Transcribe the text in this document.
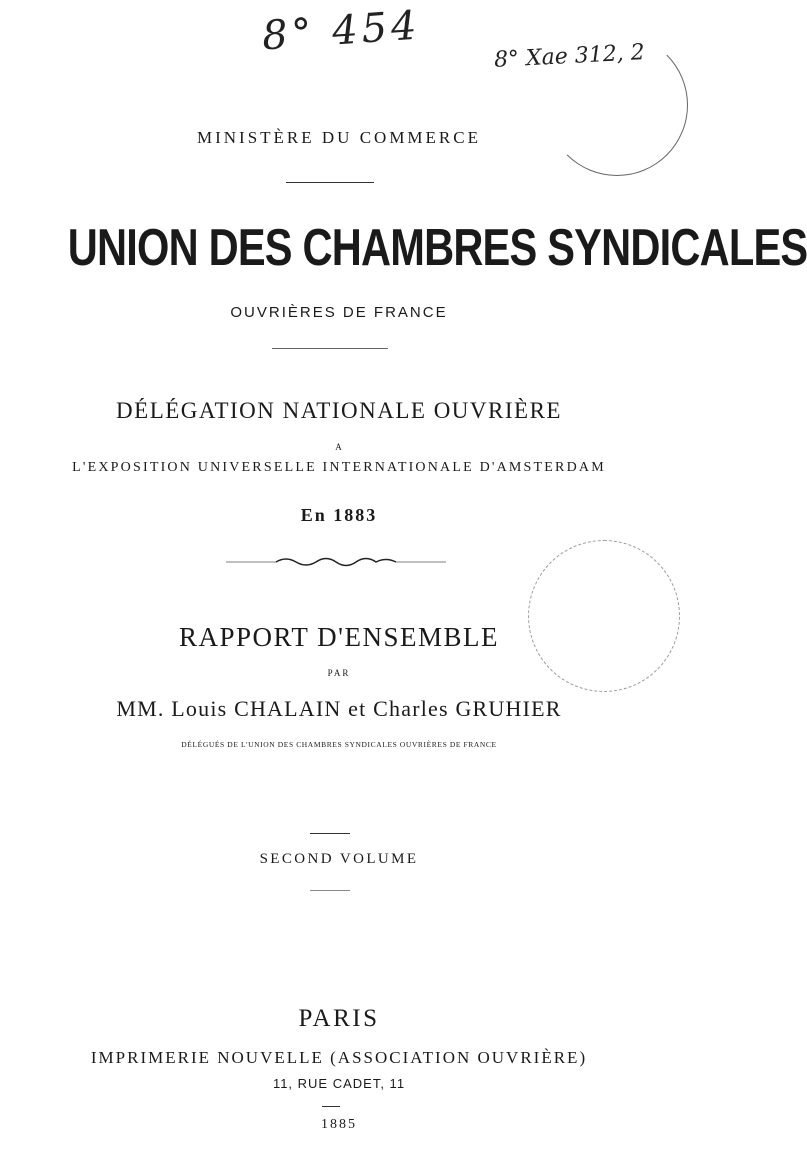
8° 454	8° Xae 312, 2
MINISTÈRE DU COMMERCE
UNION DES CHAMBRES SYNDICALES
OUVRIÈRES DE FRANCE
DÉLÉGATION NATIONALE OUVRIÈRE
A
L'EXPOSITION UNIVERSELLE INTERNATIONALE D'AMSTERDAM
En 1883
RAPPORT D'ENSEMBLE
PAR
MM. Louis CHALAIN et Charles GRUHIER
DÉLÉGUÉS DE L'UNION DES CHAMBRES SYNDICALES OUVRIÈRES DE FRANCE
SECOND VOLUME
PARIS
IMPRIMERIE NOUVELLE (ASSOCIATION OUVRIÈRE)
11, RUE CADET, 11
1885
